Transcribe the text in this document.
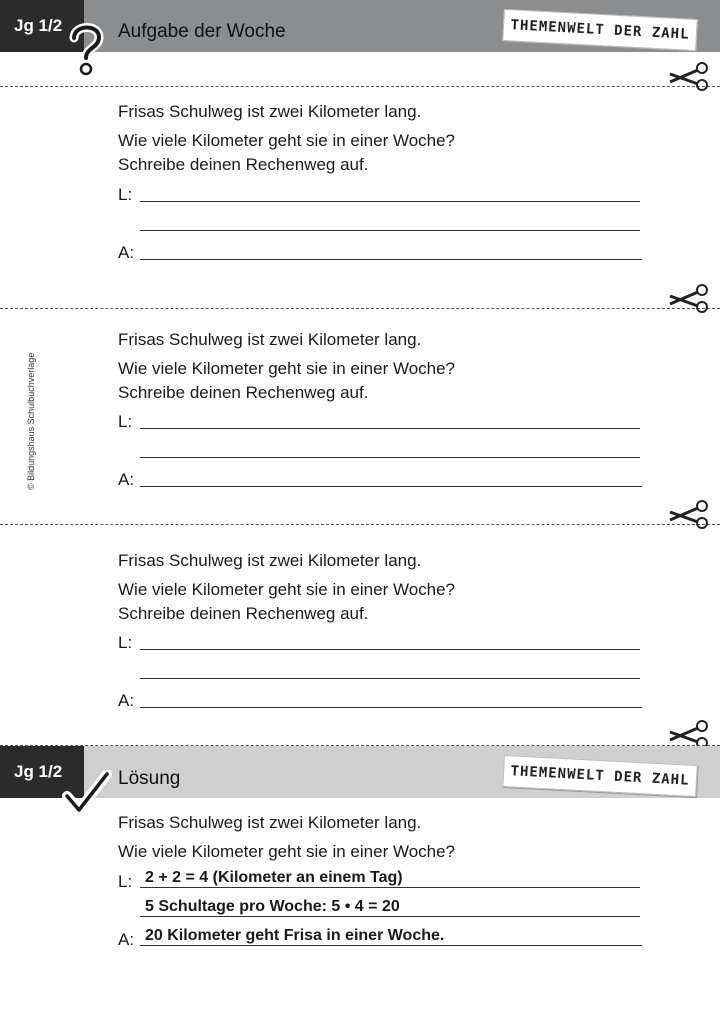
Jg 1/2	Aufgabe der Woche	THEMENWELT DER ZAHL
Frisas Schulweg ist zwei Kilometer lang.
Wie viele Kilometer geht sie in einer Woche?
Schreibe deinen Rechenweg auf.
L:
A:
Frisas Schulweg ist zwei Kilometer lang.
Wie viele Kilometer geht sie in einer Woche?
Schreibe deinen Rechenweg auf.
L:
A:
Frisas Schulweg ist zwei Kilometer lang.
Wie viele Kilometer geht sie in einer Woche?
Schreibe deinen Rechenweg auf.
L:
A:
Jg 1/2	Lösung	THEMENWELT DER ZAHL
Frisas Schulweg ist zwei Kilometer lang.
Wie viele Kilometer geht sie in einer Woche?
L: 2 + 2 = 4 (Kilometer an einem Tag)
5 Schultage pro Woche: 5 • 4 = 20
A: 20 Kilometer geht Frisa in einer Woche.
© Bildungshaus Schulbuchverlage
